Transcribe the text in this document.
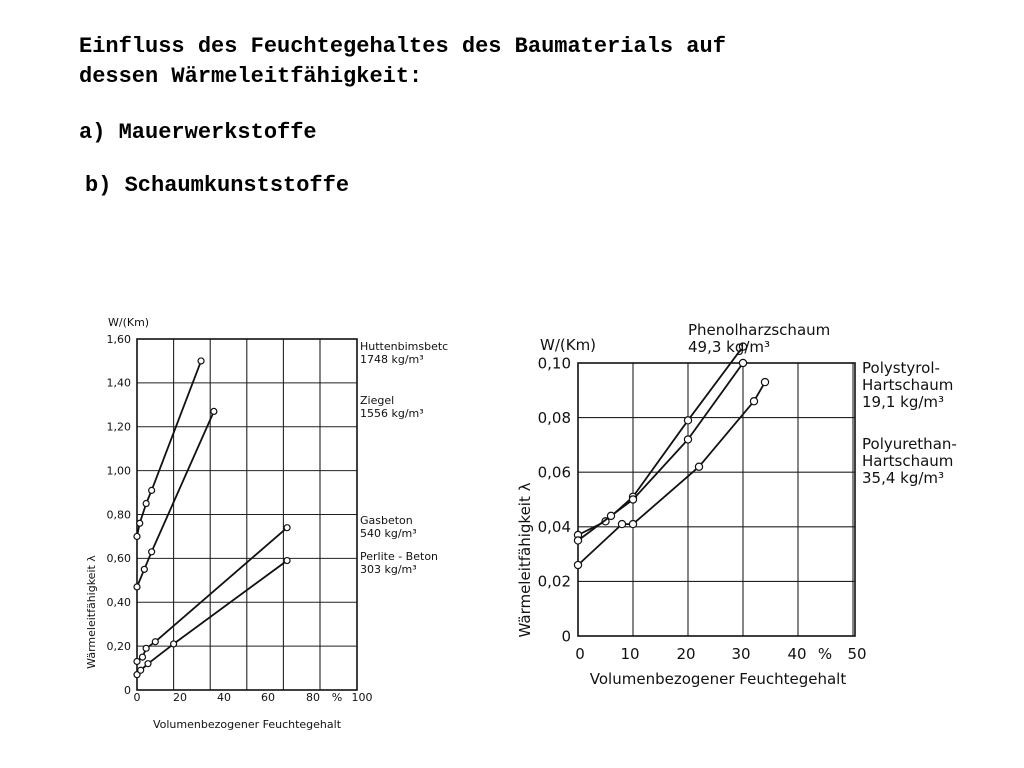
Einfluss des Feuchtegehaltes des Baumaterials auf

dessen Wärmeleitfähigkeit:

a) Mauerwerkstoffe

b) Schaumkunststoffe

0
0,20
0,40
0,60
0,80
1,00
1,20
1,40
1,60
0	20	40	60	80 % 100
W/(Km)
Wärmeleitfähigkeit λ
Volumenbezogener Feuchtegehalt
Huttenbimsbetc
1748 kg/m³
Ziegel
1556 kg/m³
Gasbeton
540 kg/m³
Perlite - Beton
303 kg/m³
0
0,02
0,04
0,06
0,08
0,10
0 10 20 30 40 % 50
W/(Km)
Wärmeleitfähigkeit λ
Volumenbezogener Feuchtegehalt
Phenolharzschaum
49,3 kg/m³
Polystyrol-
Hartschaum
19,1 kg/m³
Polyurethan-
Hartschaum
35,4 kg/m³
